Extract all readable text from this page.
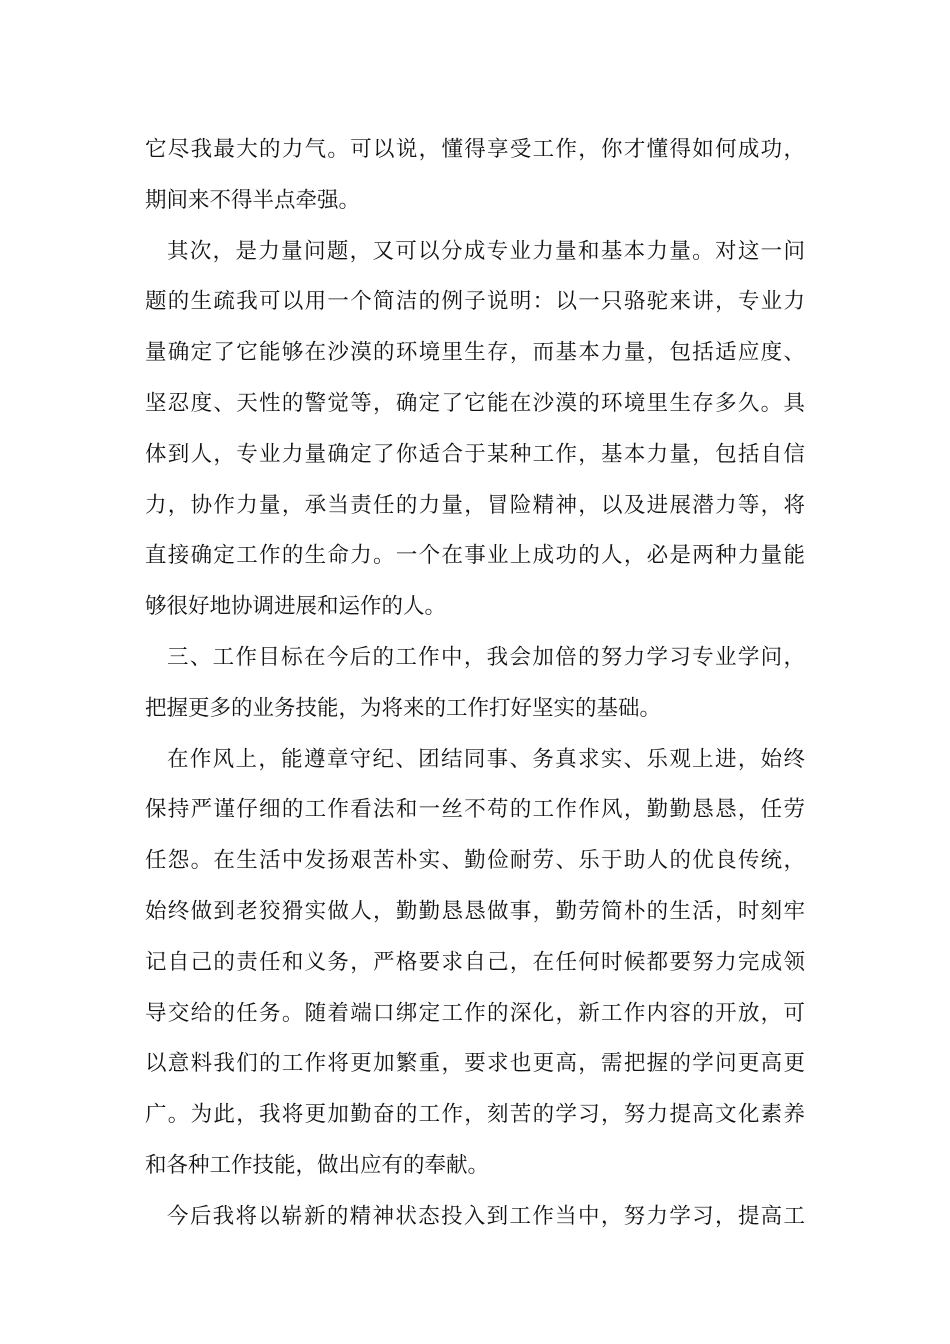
它尽我最大的力气。可以说，懂得享受工作，你才懂得如何成功，
期间来不得半点牵强。
其次，是力量问题，又可以分成专业力量和基本力量。对这一问
题的生疏我可以用一个简洁的例子说明：以一只骆驼来讲，专业力
量确定了它能够在沙漠的环境里生存，而基本力量，包括适应度、
坚忍度、天性的警觉等，确定了它能在沙漠的环境里生存多久。具
体到人，专业力量确定了你适合于某种工作，基本力量，包括自信
力，协作力量，承当责任的力量，冒险精神，以及进展潜力等，将
直接确定工作的生命力。一个在事业上成功的人，必是两种力量能
够很好地协调进展和运作的人。
三、工作目标在今后的工作中，我会加倍的努力学习专业学问，
把握更多的业务技能，为将来的工作打好坚实的基础。
在作风上，能遵章守纪、团结同事、务真求实、乐观上进，始终
保持严谨仔细的工作看法和一丝不苟的工作作风，勤勤恳恳，任劳
任怨。在生活中发扬艰苦朴实、勤俭耐劳、乐于助人的优良传统，
始终做到老狡猾实做人，勤勤恳恳做事，勤劳简朴的生活，时刻牢
记自己的责任和义务，严格要求自己，在任何时候都要努力完成领
导交给的任务。随着端口绑定工作的深化，新工作内容的开放，可
以意料我们的工作将更加繁重，要求也更高，需把握的学问更高更
广。为此，我将更加勤奋的工作，刻苦的学习，努力提高文化素养
和各种工作技能，做出应有的奉献。
今后我将以崭新的精神状态投入到工作当中，努力学习，提高工
